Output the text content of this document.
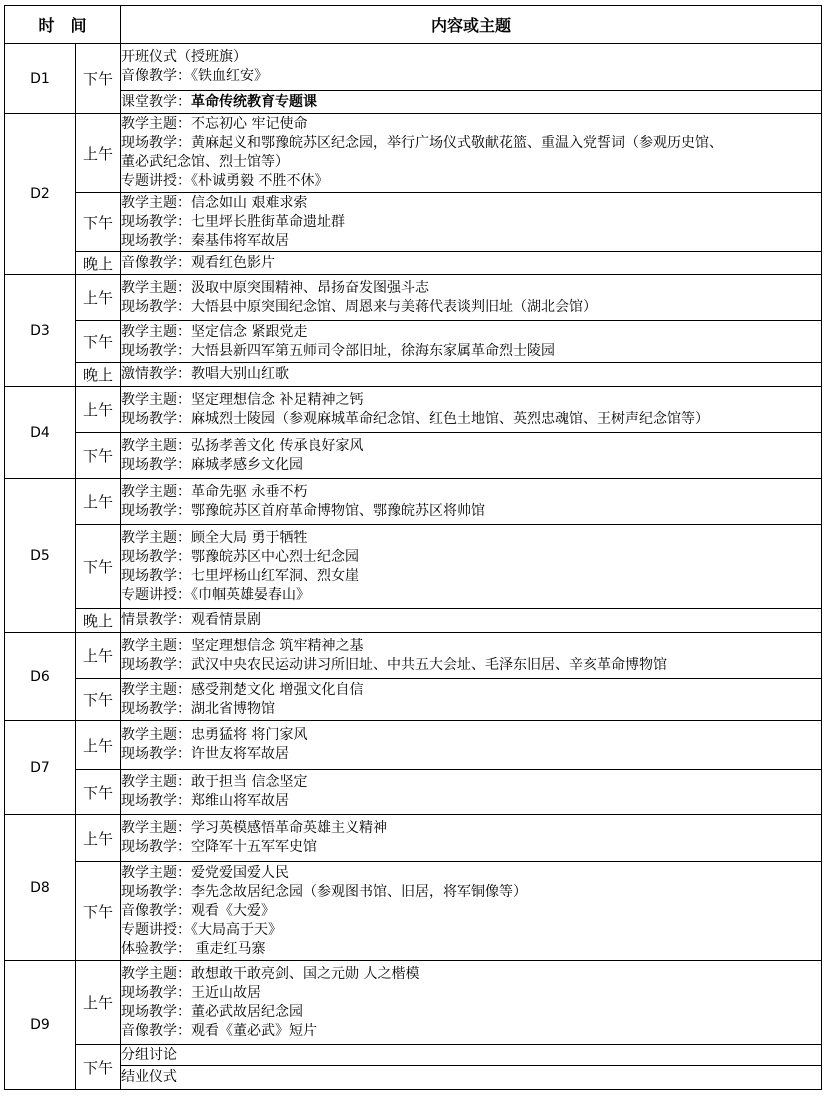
时　间		内容或主题
D1	下午	开班仪式（授班旗）
音像教学：《铁血红安》

		课堂教学：革命传统教育专题课

D2	上午	教学主题：不忘初心 牢记使命
现场教学：黄麻起义和鄂豫皖苏区纪念园，举行广场仪式敬献花篮、重温入党誓词（参观历史馆、
董必武纪念馆、烈士馆等）
专题讲授：《朴诚勇毅 不胜不休》

	下午	教学主题：信念如山 艰难求索
现场教学：七里坪长胜街革命遗址群
现场教学：秦基伟将军故居

	晚上	音像教学：观看红色影片

D3	上午	教学主题：汲取中原突围精神、昂扬奋发图强斗志
现场教学：大悟县中原突围纪念馆、周恩来与美蒋代表谈判旧址（湖北会馆）

	下午	教学主题：坚定信念 紧跟党走
现场教学：大悟县新四军第五师司令部旧址，徐海东家属革命烈士陵园

	晚上	激情教学：教唱大别山红歌

D4	上午	教学主题：坚定理想信念 补足精神之钙
现场教学：麻城烈士陵园（参观麻城革命纪念馆、红色土地馆、英烈忠魂馆、王树声纪念馆等）

	下午	教学主题：弘扬孝善文化 传承良好家风
现场教学：麻城孝感乡文化园

D5	上午	教学主题：革命先驱 永垂不朽
现场教学：鄂豫皖苏区首府革命博物馆、鄂豫皖苏区将帅馆

	下午	教学主题：顾全大局 勇于牺牲
现场教学：鄂豫皖苏区中心烈士纪念园
现场教学：七里坪杨山红军洞、烈女崖
专题讲授：《巾帼英雄晏春山》

	晚上	情景教学：观看情景剧

D6	上午	教学主题：坚定理想信念 筑牢精神之基
现场教学：武汉中央农民运动讲习所旧址、中共五大会址、毛泽东旧居、辛亥革命博物馆

	下午	教学主题：感受荆楚文化 增强文化自信
现场教学：湖北省博物馆

D7	上午	教学主题：忠勇猛将 将门家风
现场教学：许世友将军故居

	下午	教学主题：敢于担当 信念坚定
现场教学：郑维山将军故居

D8	上午	教学主题：学习英模感悟革命英雄主义精神
现场教学：空降军十五军军史馆

	下午	教学主题：爱党爱国爱人民
现场教学：李先念故居纪念园（参观图书馆、旧居，将军铜像等）
音像教学：观看《大爱》
专题讲授：《大局高于天》
体验教学： 重走红马寨

D9	上午	教学主题：敢想敢干敢亮剑、国之元勋 人之楷模
现场教学：王近山故居
现场教学：董必武故居纪念园
音像教学：观看《董必武》短片

	下午	分组讨论

		结业仪式
